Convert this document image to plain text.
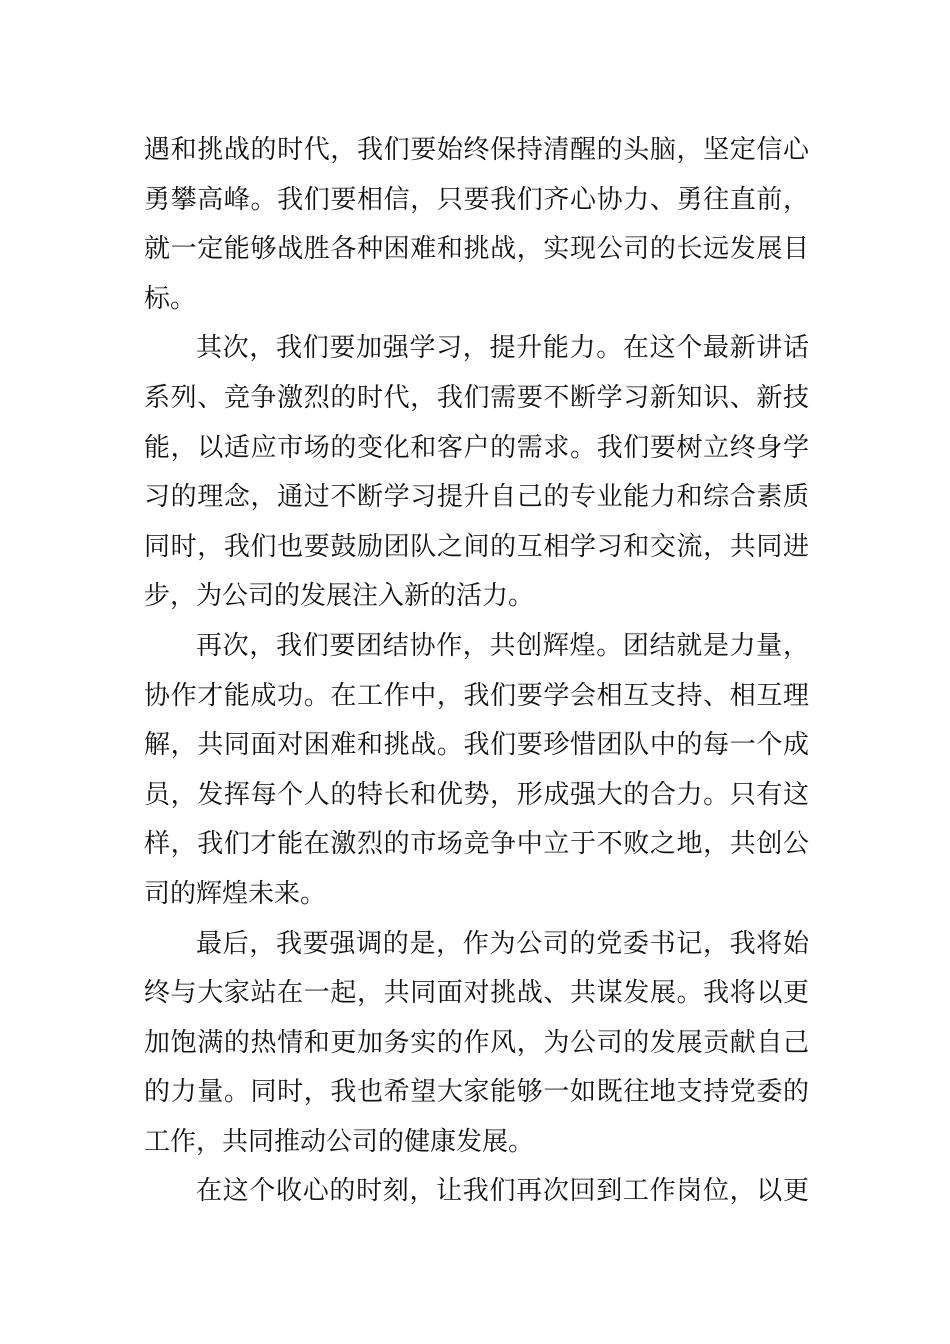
遇和挑战的时代，我们要始终保持清醒的头脑，坚定信心
勇攀高峰。我们要相信，只要我们齐心协力、勇往直前，
就一定能够战胜各种困难和挑战，实现公司的长远发展目
标。
其次，我们要加强学习，提升能力。在这个最新讲话
系列、竞争激烈的时代，我们需要不断学习新知识、新技
能，以适应市场的变化和客户的需求。我们要树立终身学
习的理念，通过不断学习提升自己的专业能力和综合素质
同时，我们也要鼓励团队之间的互相学习和交流，共同进
步，为公司的发展注入新的活力。
再次，我们要团结协作，共创辉煌。团结就是力量，
协作才能成功。在工作中，我们要学会相互支持、相互理
解，共同面对困难和挑战。我们要珍惜团队中的每一个成
员，发挥每个人的特长和优势，形成强大的合力。只有这
样，我们才能在激烈的市场竞争中立于不败之地，共创公
司的辉煌未来。
最后，我要强调的是，作为公司的党委书记，我将始
终与大家站在一起，共同面对挑战、共谋发展。我将以更
加饱满的热情和更加务实的作风，为公司的发展贡献自己
的力量。同时，我也希望大家能够一如既往地支持党委的
工作，共同推动公司的健康发展。
在这个收心的时刻，让我们再次回到工作岗位，以更
